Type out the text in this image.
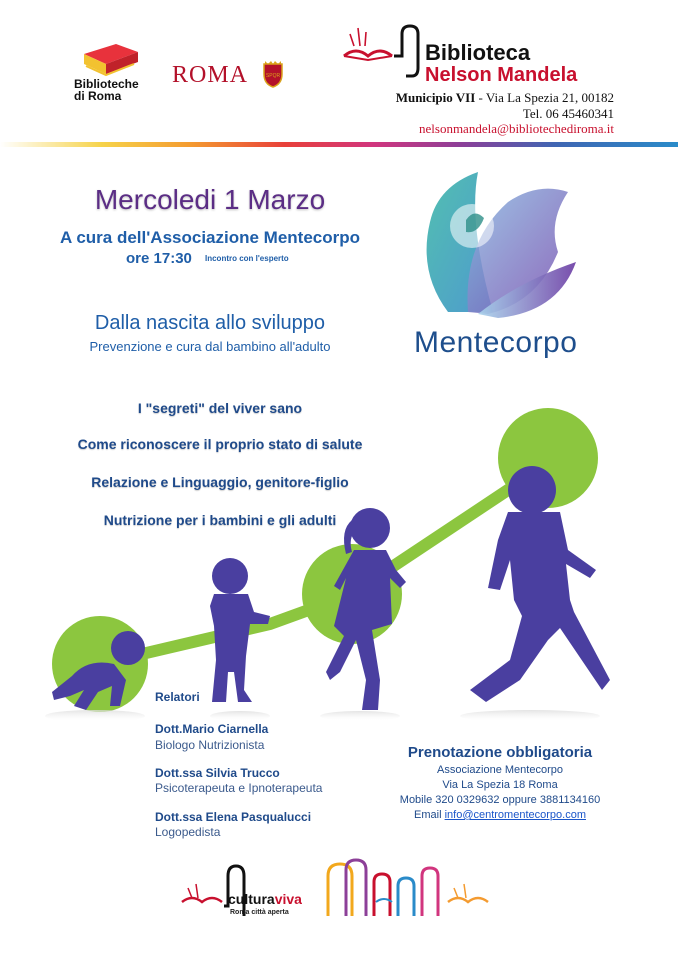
Biblioteche
di Roma
ROMA	SPQR
Biblioteca
Nelson Mandela
Municipio VII - Via La Spezia 21, 00182
Tel. 06 45460341
nelsonmandela@bibliotechediroma.it
Mercoledi 1 Marzo
A cura dell'Associazione Mentecorpo
ore 17:30 Incontro con l'esperto
Dalla nascita allo sviluppo
Prevenzione e cura dal bambino all'adulto	Mentecorpo
I "segreti" del viver sano
Come riconoscere il proprio stato di salute
Relazione e Linguaggio, genitore-figlio
Nutrizione per i bambini e gli adulti
Relatori
Dott.Mario Ciarnella
Biologo Nutrizionista
Dott.ssa Silvia Trucco
Psicoterapeuta e Ipnoterapeuta
Dott.ssa Elena Pasqualucci
Logopedista
Prenotazione obbligatoria
Associazione Mentecorpo
Via La Spezia 18 Roma
Mobile 320 0329632 oppure 3881134160
Email info@centromentecorpo.com
culturaviva
Roma città aperta
